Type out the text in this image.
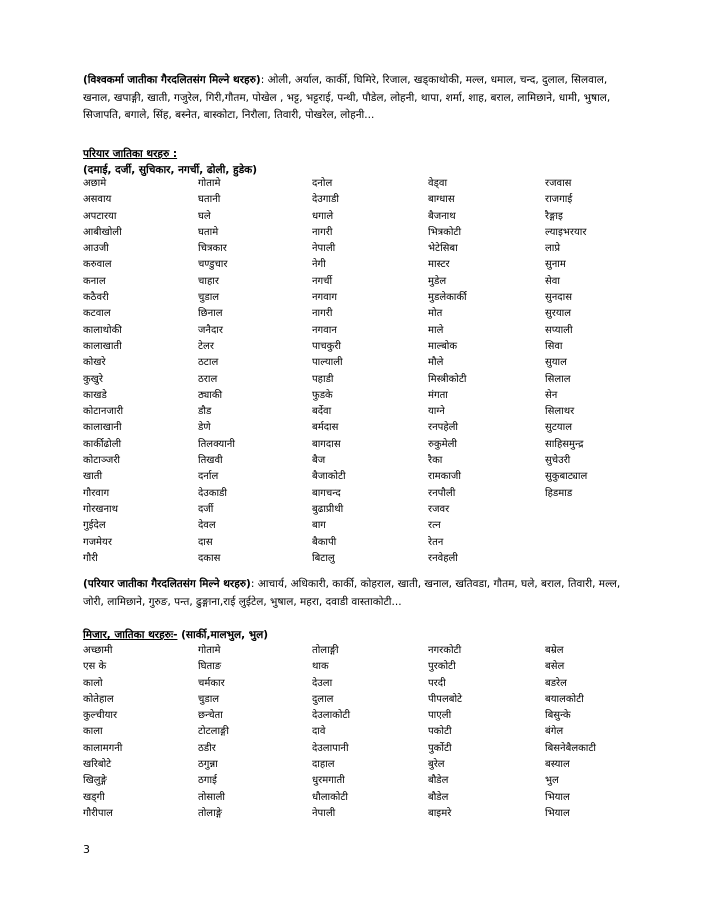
(विश्वकर्मा जातीका गैरदलितसंग मिल्ने थरहरु): ओली, अर्याल, कार्की, घिमिरे, रिजाल, खड्काथोकी, मल्ल, धमाल, चन्द, दुलाल, सिलवाल, खनाल, खपाङ्गी, खाती, गजुरेल, गिरी,गौतम, पोखेल , भट्ट, भट्टराई, पन्थी, पौडेल, लोहनी, थापा, शर्मा, शाह, बराल, लामिछाने, धामी, भुषाल, सिजापति, बगाले, सिंह, बस्नेत, बास्कोटा, निरौला, तिवारी, पोखरेल, लोहनी...
परियार जातिका थरहरु :
(दमाई, दर्जी, सुचिकार, नगर्ची, ढोली, हुडेक)
अछामे	गोतामे	दनोल	वेड्वा	रजवास
असवाय	घतानी	देउगाडी	बाग्धास	राजगाई
अपटारया	घले	धगाले	बैजनाथ	रैङ्गाइ
आबीखोली	घतामे	नागरी	भित्रकोटी	ल्याइभरयार
आउजी	चित्रकार	नेपाली	भेटेसिबा	लाप्रे
करुवाल	चण्डुचार	नेगी	मास्टर	सुनाम
कनाल	चाहार	नगर्ची	मुडेल	सेवा
कठैवरी	चुडाल	नगवाग	मुडलेकार्की	सुनदास
कटवाल	छिनाल	नागरी	मोत	सुरयाल
कालाथोकी	जनैदार	नगवान	माले	सप्याली
कालाखाती	टेलर	पाचकुरी	माल्बोक	सिवा
कोखरे	ठटाल	पाल्याली	मौले	सुयाल
कुखुरे	ठराल	पहाडी	मिस्त्रीकोटी	सिलाल
काखडे	ठ्याकी	फुडके	मंगता	सेन
कोटानजारी	डौड	बर्देवा	याग्ने	सिलाथर
कालाखानी	डेणे	बर्मदास	रनपहेली	सुटयाल
कार्कीढोली	तिलक्यानी	बागदास	रुकुमेली	साहिसमुन्द्र
कोटाञ्जरी	तिखवी	बैज	रैका	सुचेउरी
खाती	दर्नाल	बैजाकोटी	रामकाजी	सुकुबाट्याल
गौरवाग	देउकाडी	बागचन्द	रनपौली	हिडमाड
गोरखनाथ	दर्जी	बुढाप्रीथी	रजवर
गुईदेल	देवल	बाग	रत्न
गजमेयर	दास	बैकापी	रेतन
गौरी	दकास	बिटालु	रनवेहली
(परियार जातीका गैरदलितसंग मिल्ने थरहरु): आचार्य, अधिकारी, कार्की, कोहराल, खाती, खनाल, खतिवडा, गौतम, घले, बराल, तिवारी, मल्ल, जोरी, लामिछाने, गुरुङ, पन्त, ढुङ्गाना,राई लुईटेल, भुषाल, महरा, दवाडी वास्ताकोटी...
मिजार, जातिका थरहरुः- (सार्की,मालभुल, भुल)
अच्छामी	गोतामे	तोलाङ्गी	नगरकोटी	बम्रेल
एस के	घिताङ	थाक	पुरकोटी	बसेल
कालो	चर्मकार	देउला	परदी	बडरेल
कोतेहाल	चुडाल	दुलाल	पीपलबोटे	बयालकोटी
कुल्चीयार	छन्चेता	देउलाकोटी	पाएली	बिसुन्के
काला	टोटलाङ्गी	दावे	पकोटी	बंगेल
कालामगनी	ठडीर	देउलापानी	पुर्कोटी	बिसनेबैलकाटी
खरिबोटे	ठगुन्ना	दाहाल	बुरेल	बस्याल
खिलुङ्गे	ठगाई	धुरमगाती	बौडेल	भुल
खड्गी	तोसाली	धौलाकोटी	बौडेल	भियाल
गौरीपाल	तोलाङ्गे	नेपाली	बाइमरे	भियाल
3
